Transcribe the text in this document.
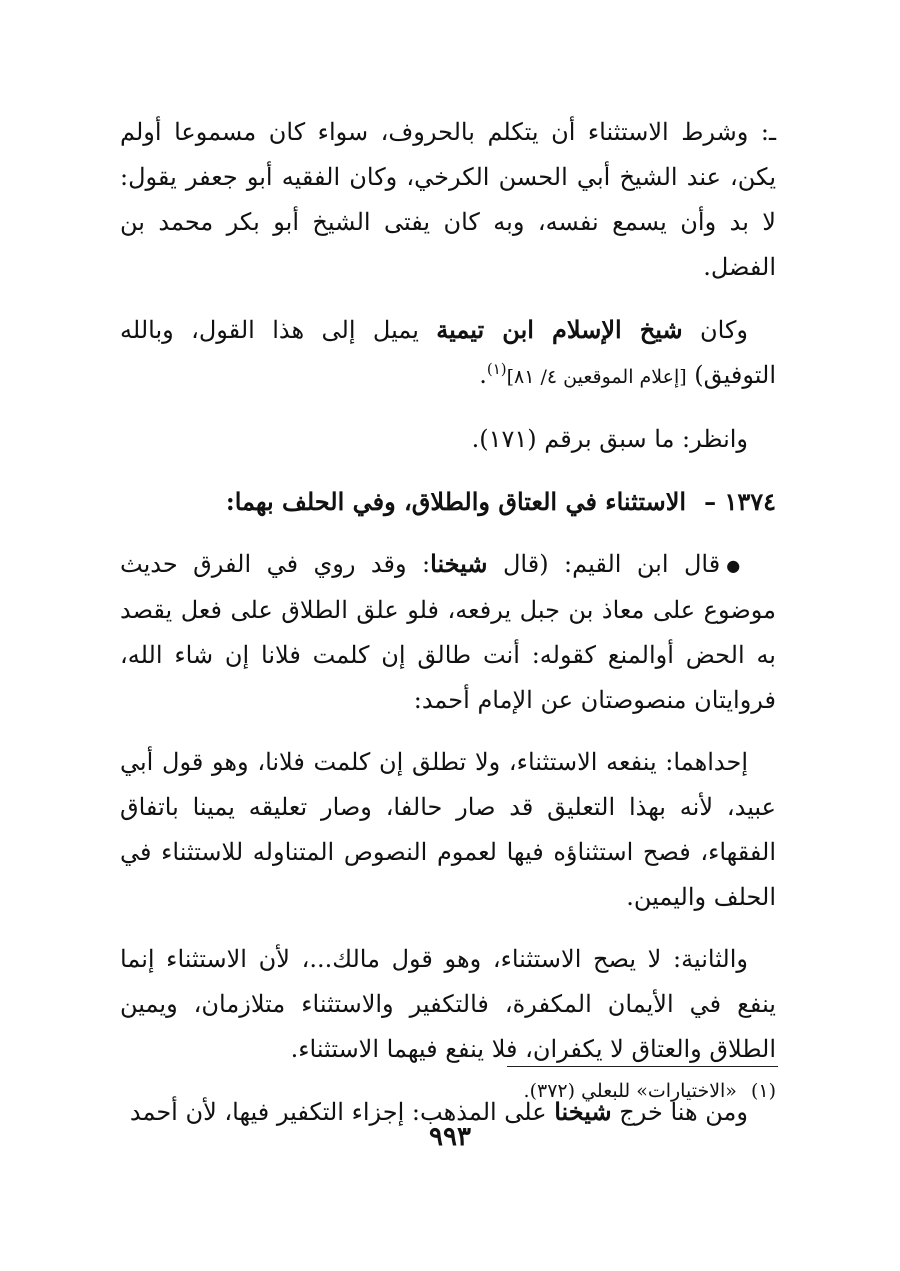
ـ: وشرط الاستثناء أن يتكلم بالحروف، سواء كان مسموعا أولم يكن، عند الشيخ أبي الحسن الكرخي، وكان الفقيه أبو جعفر يقول: لا بد وأن يسمع نفسه، وبه كان يفتى الشيخ أبو بكر محمد بن الفضل.

وكان شيخ الإسلام ابن تيمية يميل إلى هذا القول، وبالله التوفيق) [إعلام الموقعين ٤/ ٨١]$^{(١)}$.

وانظر: ما سبق برقم (١٧١).

١٣٧٤ –الاستثناء في العتاق والطلاق، وفي الحلف بهما:

●قال ابن القيم: (قال شيخنا: وقد روي في الفرق حديث موضوع على معاذ بن جبل يرفعه، فلو علق الطلاق على فعل يقصد به الحض أوالمنع كقوله: أنت طالق إن كلمت فلانا إن شاء الله، فروايتان منصوصتان عن الإمام أحمد:

إحداهما: ينفعه الاستثناء، ولا تطلق إن كلمت فلانا، وهو قول أبي عبيد، لأنه بهذا التعليق قد صار حالفا، وصار تعليقه يمينا باتفاق الفقهاء، فصح استثناؤه فيها لعموم النصوص المتناوله للاستثناء في الحلف واليمين.

والثانية: لا يصح الاستثناء، وهو قول مالك...، لأن الاستثناء إنما ينفع في الأيمان المكفرة، فالتكفير والاستثناء متلازمان، ويمين الطلاق والعتاق لا يكفران، فلا ينفع فيهما الاستثناء.

ومن هنا خرج شيخنا على المذهب: إجزاء التكفير فيها، لأن أحمد

(١)«الاختيارات» للبعلي (٣٧٢).
٩٩٣
